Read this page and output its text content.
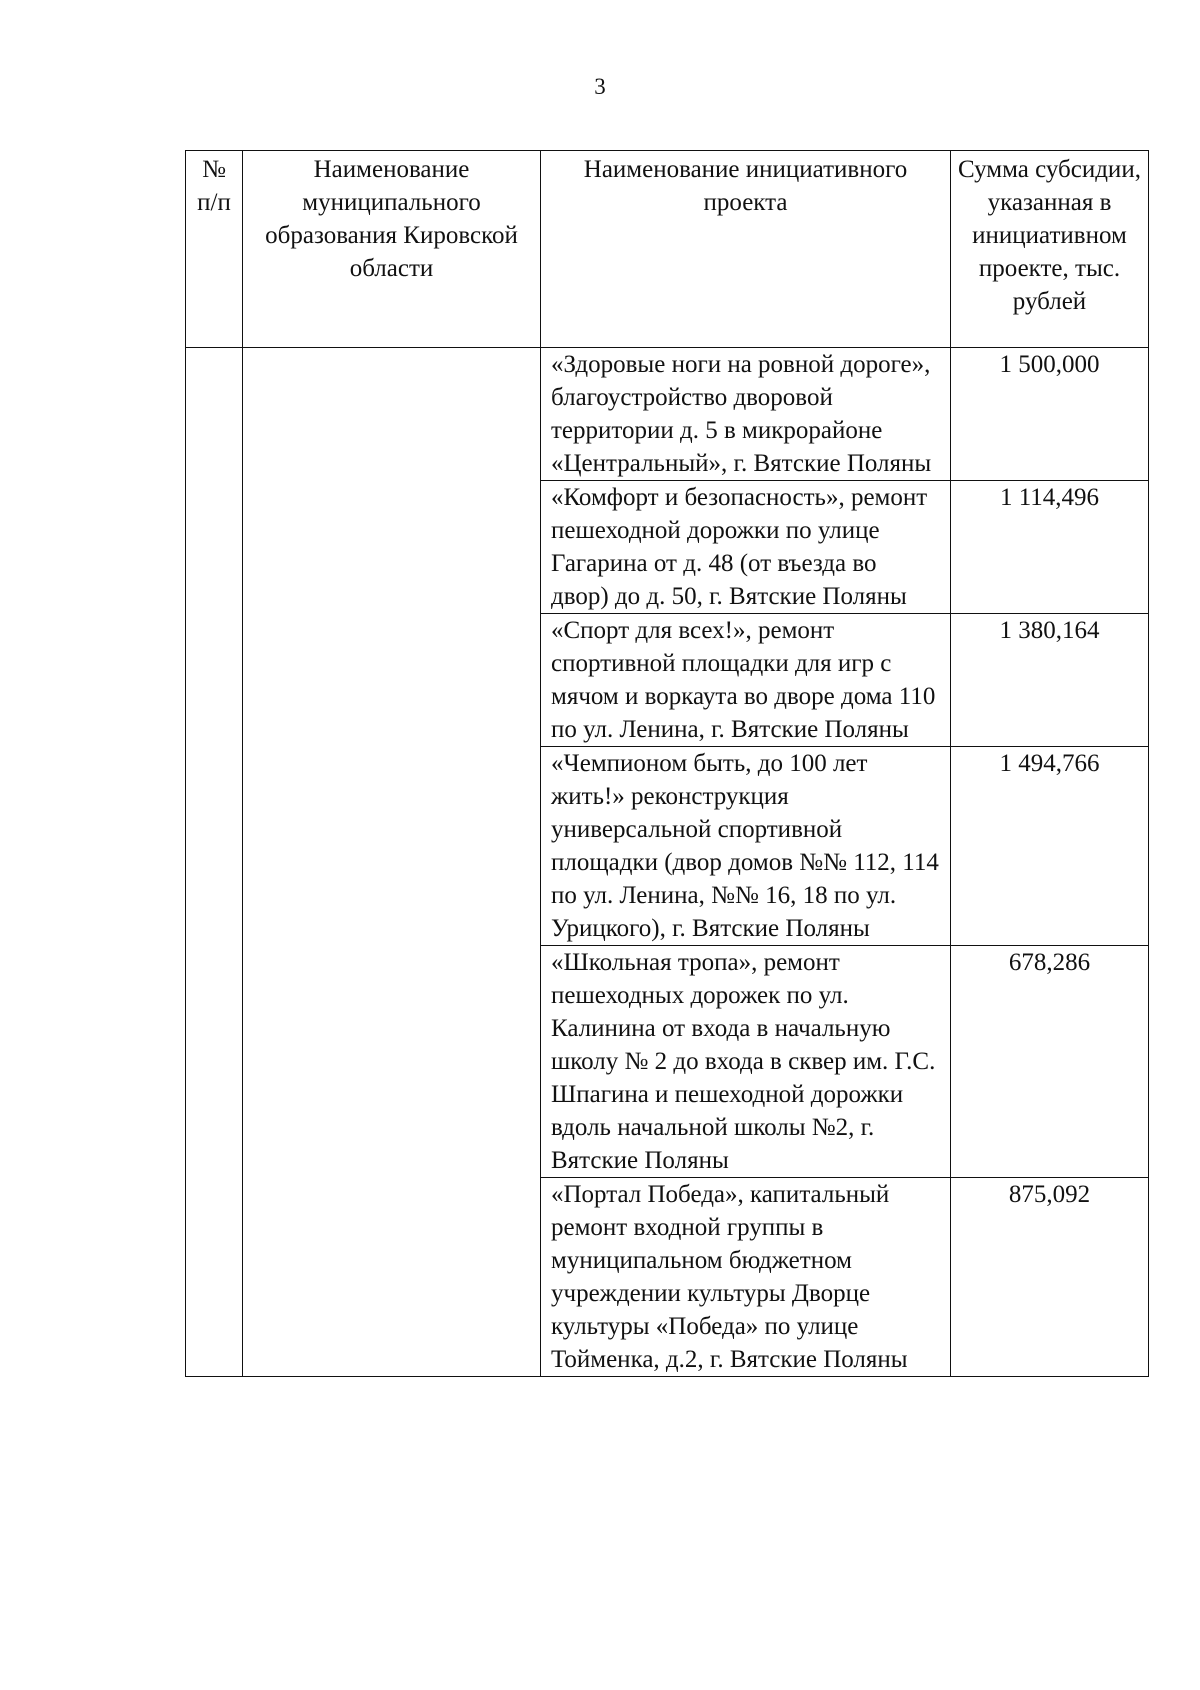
3
№ п/п	Наименование муниципального образования Кировской области	Наименование инициативного проекта	Сумма субсидии, указанная в инициативном проекте, тыс. рублей
		«Здоровые ноги на ровной дороге», благоустройство дворовой территории д. 5 в микрорайоне «Центральный», г. Вятские Поляны	1 500,000
		«Комфорт и безопасность», ремонт пешеходной дорожки по улице Гагарина от д. 48 (от въезда во двор) до д. 50, г. Вятские Поляны	1 114,496
		«Спорт для всех!», ремонт спортивной площадки для игр с мячом и воркаута во дворе дома 110 по ул. Ленина, г. Вятские Поляны	1 380,164
		«Чемпионом быть, до 100 лет жить!» реконструкция универсальной спортивной площадки (двор домов №№ 112, 114 по ул. Ленина, №№ 16, 18 по ул. Урицкого), г. Вятские Поляны	1 494,766
		«Школьная тропа», ремонт пешеходных дорожек по ул. Калинина от входа в начальную школу № 2 до входа в сквер им. Г.С. Шпагина и пешеходной дорожки вдоль начальной школы №2, г. Вятские Поляны	678,286
		«Портал Победа», капитальный ремонт входной группы в муниципальном бюджетном учреждении культуры Дворце культуры «Победа» по улице Тойменка, д.2, г. Вятские Поляны	875,092
